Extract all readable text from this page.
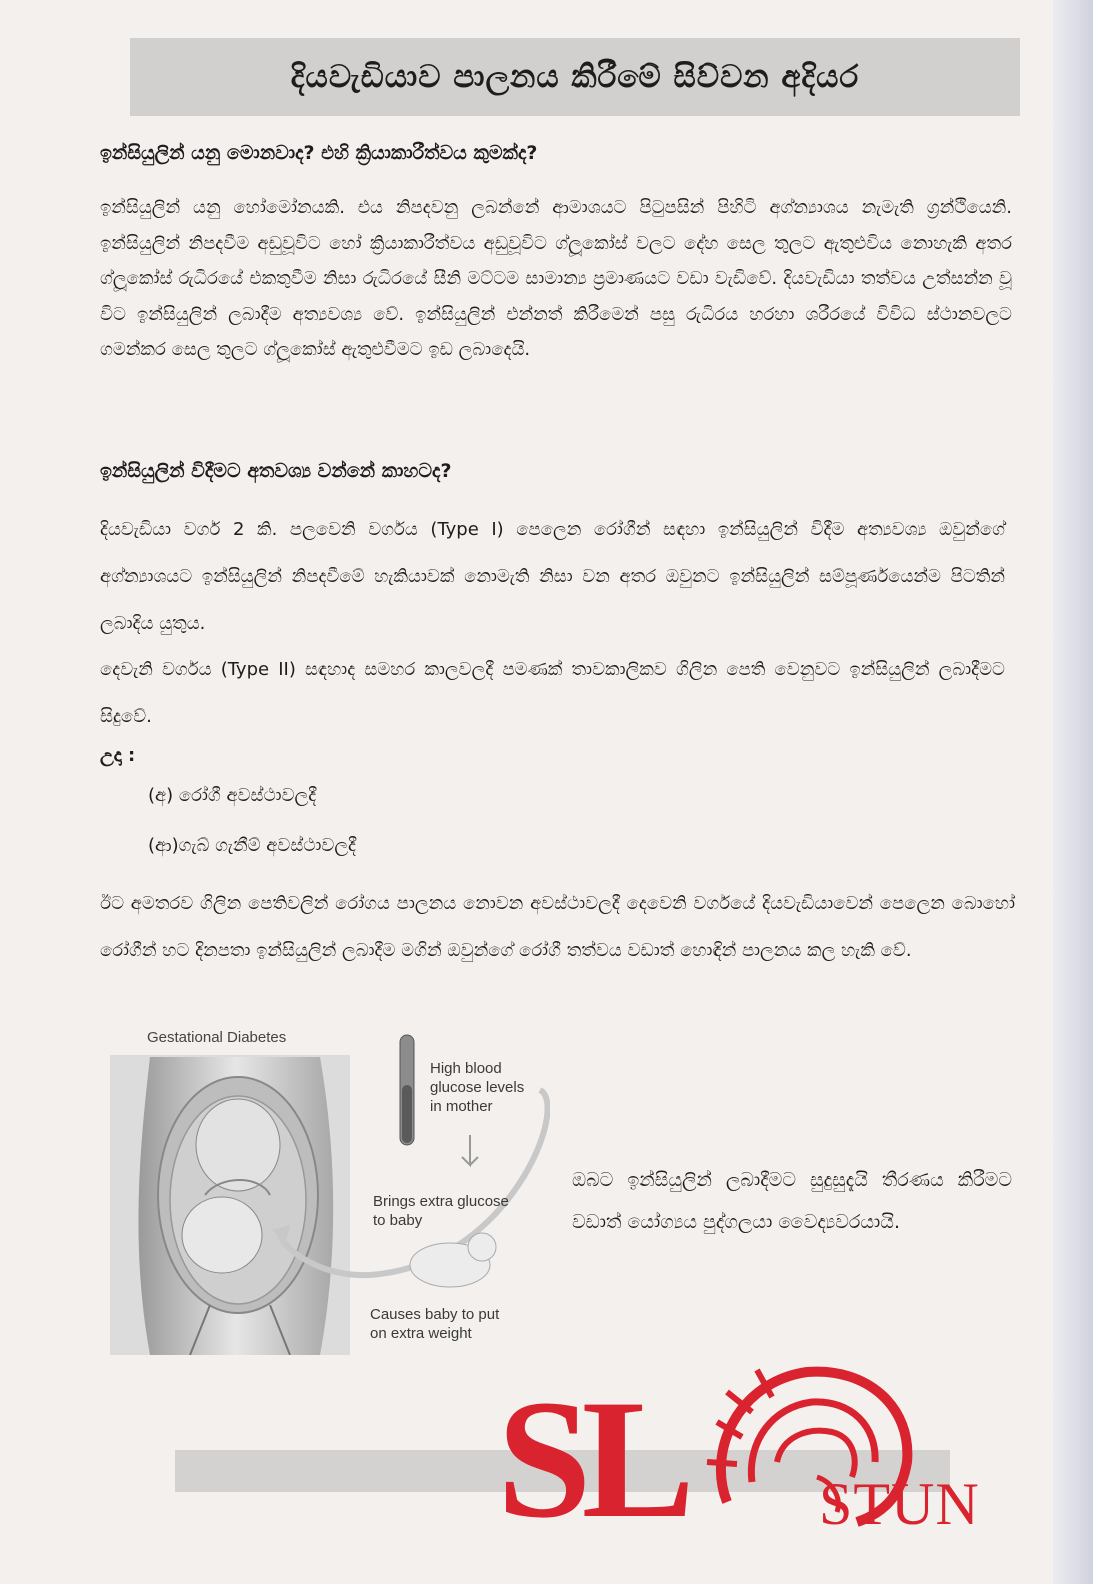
දියවැඩියාව පාලනය කිරීමේ සිව්වන අදියර

ඉන්සියුලින් යනු මොනවාද? එහි ක්‍රියාකාරීත්වය කුමක්ද?

ඉන්සියුලින් යනු හෝමෝනයකි. එය නිපදවනු ලබන්නේ ආමාශයට පිටුපසින් පිහිටි අග්න්‍යාශය නැමැති ග්‍රන්ථියෙනි. ඉන්සියුලින් නිපදවීම අඩුවූවිට හෝ ක්‍රියාකාරීත්වය අඩුවූවිට ග්ලූකෝස් වලට දේහ සෙල තුලට ඇතුළුවිය නොහැකි අතර ග්ලූකෝස් රුධිරයේ එකතුවීම නිසා රුධිරයේ සීනි මට්ටම සාමාන්‍ය ප්‍රමාණයට වඩා වැඩිවේ. දියවැඩියා තත්වය උත්සන්න වූ විට ඉන්සියුලින් ලබාදීම අත්‍යවශ්‍ය වේ. ඉන්සියුලින් එන්නත් කිරීමෙන් පසු රුධිරය හරහා ශරීරයේ විවිධ ස්ථානවලට ගමන්කර සෙල තුලට ග්ලූකෝස් ඇතුළුවීමට ඉඩ ලබාදෙයි.

ඉන්සියුලින් විදීමට අතවශ්‍ය වන්නේ කාහටද?

දියවැඩියා වර්ග 2 කි. පලවෙනි වර්ගය (Type I) පෙලෙන රෝගීන් සඳහා ඉන්සියුලින් විදීම අත්‍යවශ්‍ය ඔවුන්ගේ අග්න්‍යාශයට ඉන්සියුලින් නිපදවීමේ හැකියාවක් නොමැති නිසා වන අතර ඔවුනට ඉන්සියුලින් සම්පූර්ණයෙන්ම පිටතින් ලබාදිය යුතුය.

දෙවැනි වර්ගය (Type II) සඳහාද සමහර කාලවලදී පමණක් තාවකාලිකව ගිලින පෙති වෙනුවට ඉන්සියුලින් ලබාදීමට සිදුවේ.

උදා :
(අ) රෝගී අවස්ථාවලදී
(ආ)ගැබ් ගැනීම් අවස්ථාවලදී

ඊට අමතරව ගිලින පෙතිවලින් රෝගය පාලනය නොවන අවස්ථාවලදී දෙවෙනි වර්ගයේ දියවැඩියාවෙන් පෙලෙන බොහෝ රෝගීන් හට දිනපතා ඉන්සියුලින් ලබාදීම මගින් ඔවුන්ගේ රෝගී තත්වය වඩාත් හොඳින් පාලනය කල හැකි වේ.

Gestational Diabetes
High blood
glucose levels
in mother
Brings extra glucose
to baby
Causes baby to put
on extra weight

ඔබට ඉන්සියුලින් ලබාදීමට සුදුසුදැයි තීරණය කිරීමට වඩාත් යෝග්‍යය පුද්ගලයා වෛද්‍යවරයායි.

SL STUN
